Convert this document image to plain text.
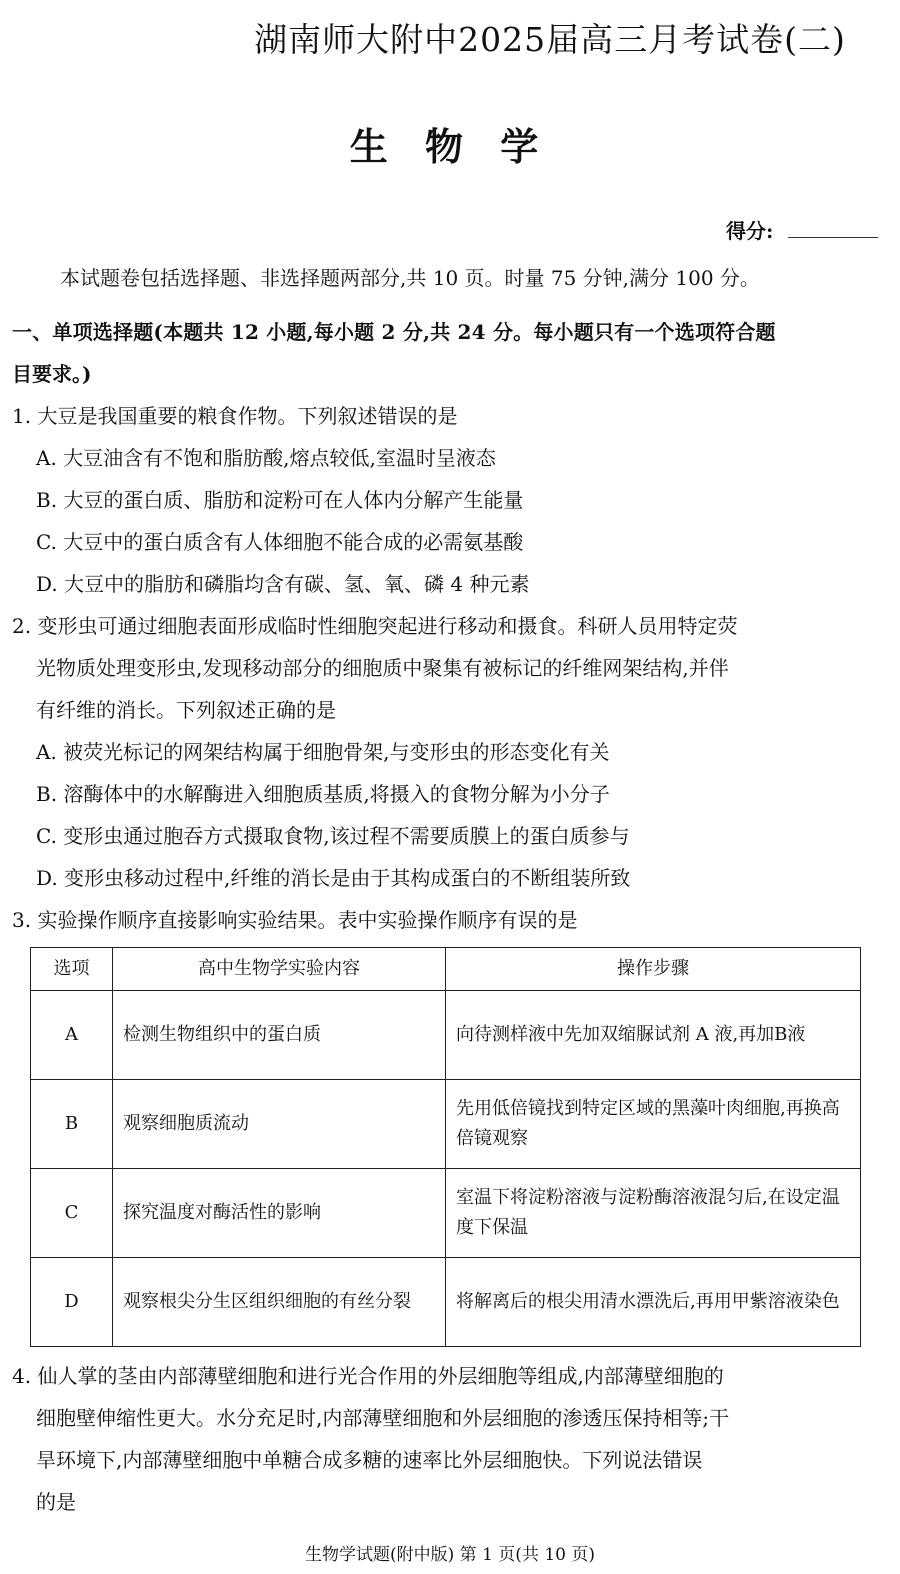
湖南师大附中2025届高三月考试卷(二)
生 物 学
得分:
本试题卷包括选择题、非选择题两部分,共 10 页。时量 75 分钟,满分 100 分。
一、单项选择题(本题共 12 小题,每小题 2 分,共 24 分。每小题只有一个选项符合题
目要求。)
1. 大豆是我国重要的粮食作物。下列叙述错误的是
A. 大豆油含有不饱和脂肪酸,熔点较低,室温时呈液态
B. 大豆的蛋白质、脂肪和淀粉可在人体内分解产生能量
C. 大豆中的蛋白质含有人体细胞不能合成的必需氨基酸
D. 大豆中的脂肪和磷脂均含有碳、氢、氧、磷 4 种元素
2. 变形虫可通过细胞表面形成临时性细胞突起进行移动和摄食。科研人员用特定荧
光物质处理变形虫,发现移动部分的细胞质中聚集有被标记的纤维网架结构,并伴
有纤维的消长。下列叙述正确的是
A. 被荧光标记的网架结构属于细胞骨架,与变形虫的形态变化有关
B. 溶酶体中的水解酶进入细胞质基质,将摄入的食物分解为小分子
C. 变形虫通过胞吞方式摄取食物,该过程不需要质膜上的蛋白质参与
D. 变形虫移动过程中,纤维的消长是由于其构成蛋白的不断组装所致
3. 实验操作顺序直接影响实验结果。表中实验操作顺序有误的是
选项	高中生物学实验内容	操作步骤
A	检测生物组织中的蛋白质	向待测样液中先加双缩脲试剂 A 液,再加B液
B	观察细胞质流动	先用低倍镜找到特定区域的黑藻叶肉细胞,再换高倍镜观察
C	探究温度对酶活性的影响	室温下将淀粉溶液与淀粉酶溶液混匀后,在设定温度下保温
D	观察根尖分生区组织细胞的有丝分裂	将解离后的根尖用清水漂洗后,再用甲紫溶液染色
4. 仙人掌的茎由内部薄壁细胞和进行光合作用的外层细胞等组成,内部薄壁细胞的
细胞壁伸缩性更大。水分充足时,内部薄壁细胞和外层细胞的渗透压保持相等;干
旱环境下,内部薄壁细胞中单糖合成多糖的速率比外层细胞快。下列说法错误
的是
生物学试题(附中版) 第 1 页(共 10 页)
